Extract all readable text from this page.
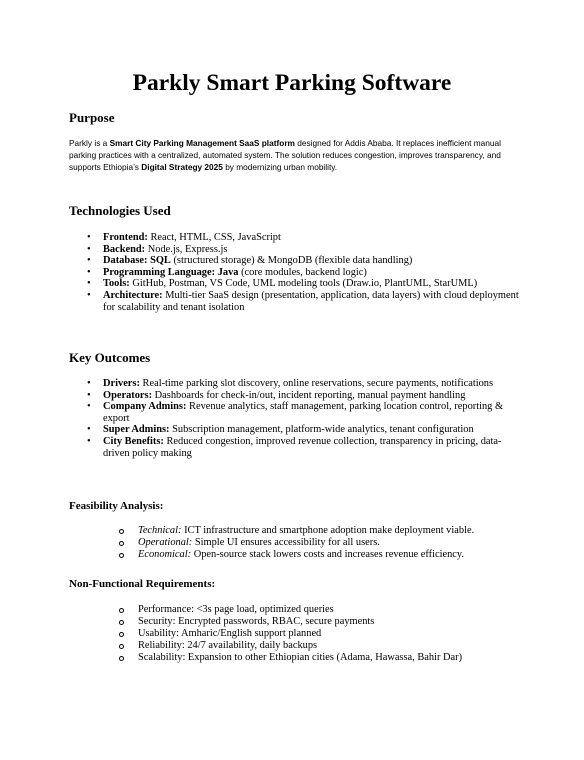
Parkly Smart Parking Software
Purpose

Parkly is a Smart City Parking Management SaaS platform designed for Addis Ababa. It replaces inefficient manual parking practices with a centralized, automated system. The solution reduces congestion, improves transparency, and supports Ethiopia’s Digital Strategy 2025 by modernizing urban mobility.

Technologies Used
• Frontend: React, HTML, CSS, JavaScript
• Backend: Node.js, Express.js
• Database: SQL (structured storage) & MongoDB (flexible data handling)
• Programming Language: Java (core modules, backend logic)
• Tools: GitHub, Postman, VS Code, UML modeling tools (Draw.io, PlantUML, StarUML)
• Architecture: Multi-tier SaaS design (presentation, application, data layers) with cloud deployment for scalability and tenant isolation
Key Outcomes
• Drivers: Real-time parking slot discovery, online reservations, secure payments, notifications
• Operators: Dashboards for check-in/out, incident reporting, manual payment handling
• Company Admins: Revenue analytics, staff management, parking location control, reporting & export
• Super Admins: Subscription management, platform-wide analytics, tenant configuration
• City Benefits: Reduced congestion, improved revenue collection, transparency in pricing, data-driven policy making
Feasibility Analysis:
Technical: ICT infrastructure and smartphone adoption make deployment viable.
Operational: Simple UI ensures accessibility for all users.
Economical: Open-source stack lowers costs and increases revenue efficiency.
Non-Functional Requirements:
Performance: <3s page load, optimized queries
Security: Encrypted passwords, RBAC, secure payments
Usability: Amharic/English support planned
Reliability: 24/7 availability, daily backups
Scalability: Expansion to other Ethiopian cities (Adama, Hawassa, Bahir Dar)
